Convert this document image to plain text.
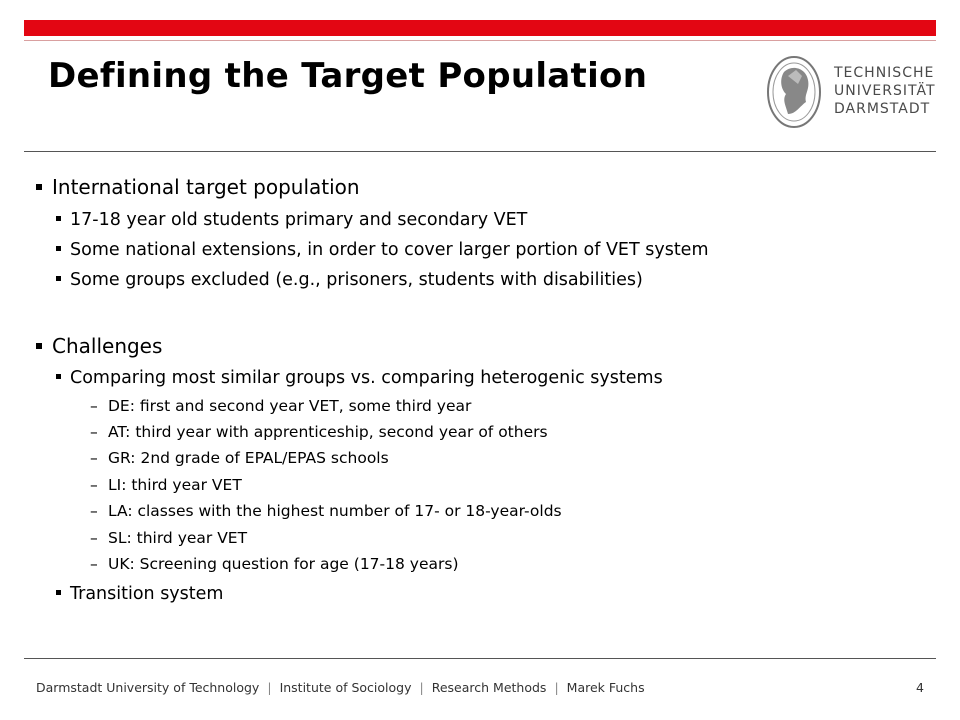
Defining the Target Population	TECHNISCHE
UNIVERSITÄT
DARMSTADT
International target population
17-18 year old students primary and secondary VET
Some national extensions, in order to cover larger portion of VET system
Some groups excluded (e.g., prisoners, students with disabilities)
Challenges
Comparing most similar groups vs. comparing heterogenic systems
– DE: first and second year VET, some third year
– AT: third year with apprenticeship, second year of others
– GR: 2nd grade of EPAL/EPAS schools
– LI: third year VET
– LA: classes with the highest number of 17- or 18-year-olds
– SL: third year VET
– UK: Screening question for age (17-18 years)
Transition system
Darmstadt University of Technology | Institute of Sociology | Research Methods | Marek Fuchs	4
